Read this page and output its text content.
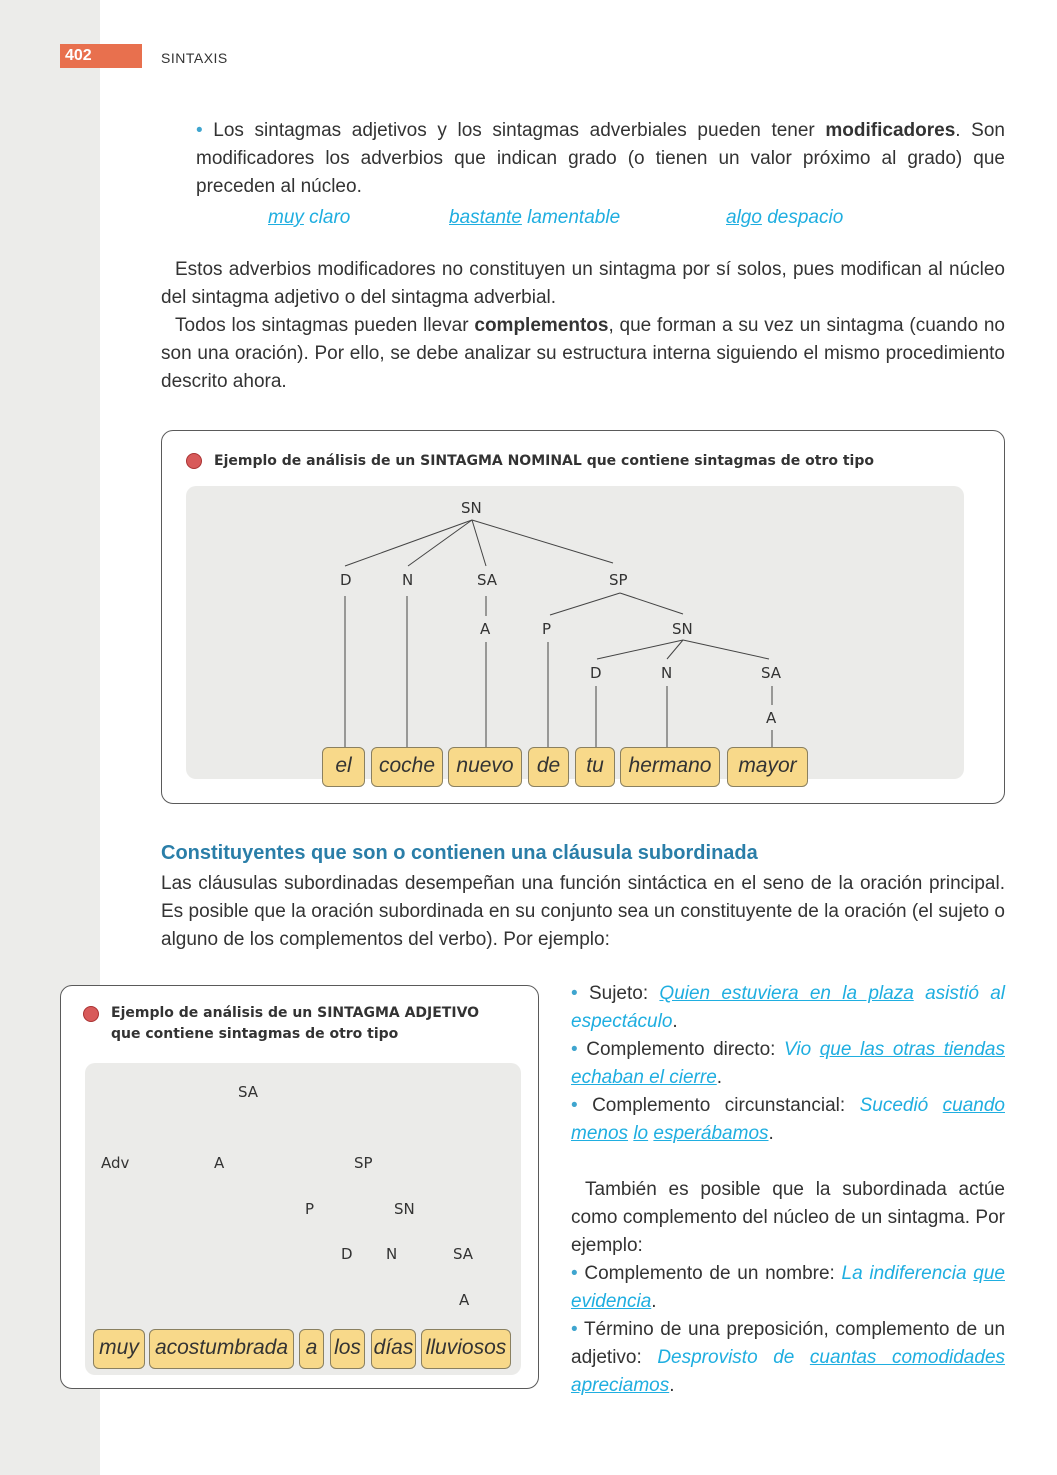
402	SINTAXIS
• Los sintagmas adjetivos y los sintagmas adverbiales pueden tener modificadores. Son modificadores los adverbios que indican grado (o tienen un valor próximo al grado) que preceden al núcleo.
muy claro	bastante lamentable	algo despacio
Estos adverbios modificadores no constituyen un sintagma por sí solos, pues modifican al núcleo del sintagma adjetivo o del sintagma adverbial.
Todos los sintagmas pueden llevar complementos, que forman a su vez un sintagma (cuando no son una oración). Por ello, se debe analizar su estructura interna siguiendo el mismo procedimiento descrito ahora.
Ejemplo de análisis de un SINTAGMA NOMINAL que contiene sintagmas de otro tipo
SN
D	N	SA	SP
A	P	SN
D	N	SA
A
el	coche	nuevo	de	tu	hermano	mayor
Constituyentes que son o contienen una cláusula subordinada
Las cláusulas subordinadas desempeñan una función sintáctica en el seno de la oración principal. Es posible que la oración subordinada en su conjunto sea un constituyente de la oración (el sujeto o alguno de los complementos del verbo). Por ejemplo:
Ejemplo de análisis de un SINTAGMA ADJETIVO
que contiene sintagmas de otro tipo
SA
Adv	A	SP
P	SN
D N	SA
A
muy acostumbrada a los días lluviosos
• Sujeto: Quien estuviera en la plaza asistió al espectáculo.
• Complemento directo: Vio que las otras tiendas echaban el cierre.
• Complemento circunstancial: Sucedió cuando menos lo esperábamos.
También es posible que la subordinada actúe como complemento del núcleo de un sintagma. Por ejemplo:
• Complemento de un nombre: La indiferencia que evidencia.
• Término de una preposición, complemento de un adjetivo: Desprovisto de cuantas comodidades apreciamos.
